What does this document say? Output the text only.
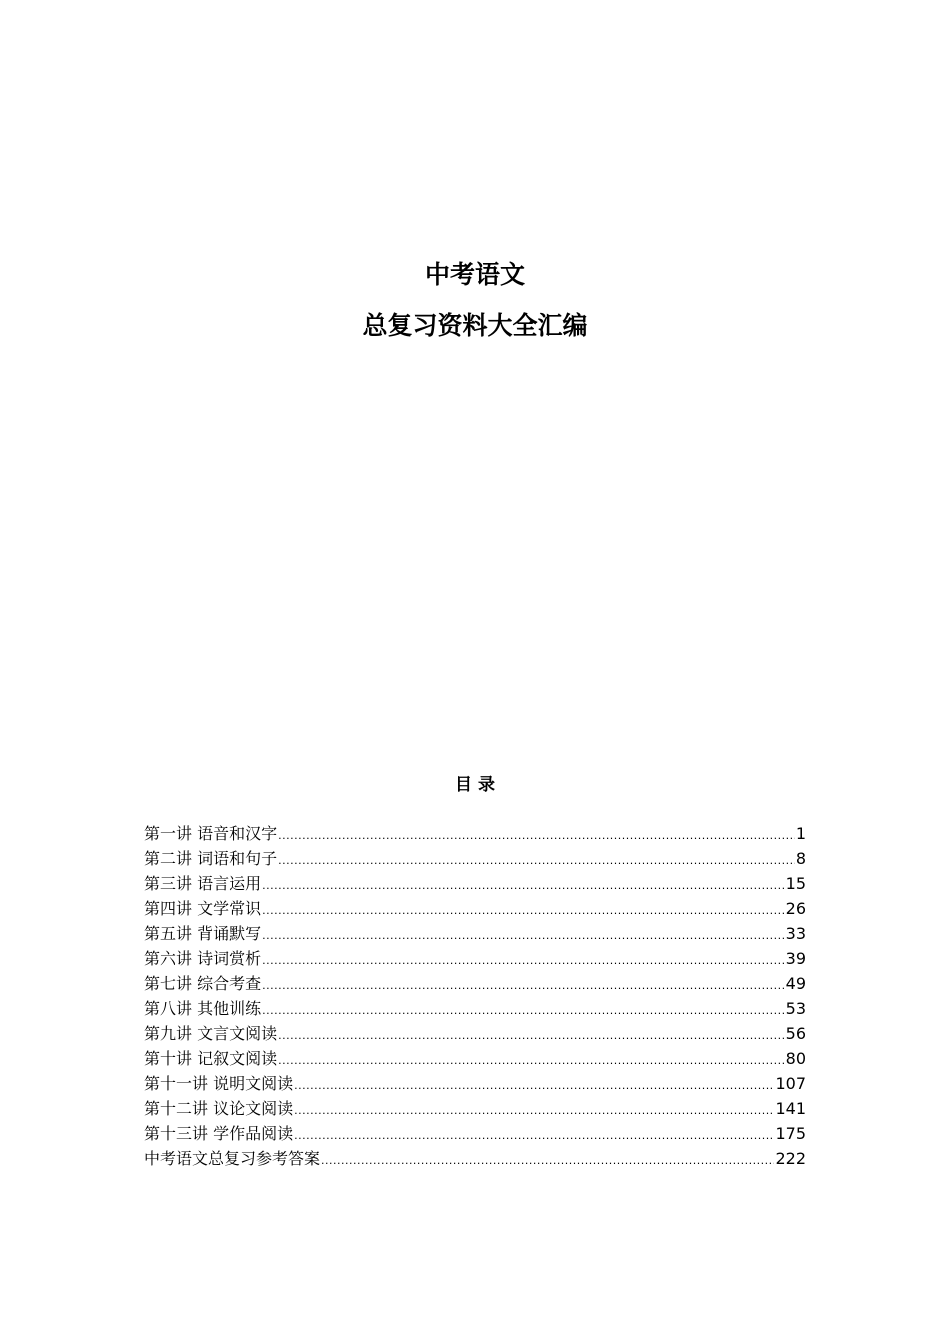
中考语文
总复习资料大全汇编
目 录
第一讲 语音和汉字 .....	1
第二讲 词语和句子 .....	8
第三讲 语言运用 .....	15
第四讲 文学常识 .....	26
第五讲 背诵默写 .....	33
第六讲 诗词赏析 .....	39
第七讲 综合考查 .....	49
第八讲 其他训练 .....	53
第九讲 文言文阅读 .....	56
第十讲 记叙文阅读 .....	80
第十一讲 说明文阅读 .....	107
第十二讲 议论文阅读 .....	141
第十三讲 学作品阅读 .....	175
中考语文总复习参考答案 .....	222
